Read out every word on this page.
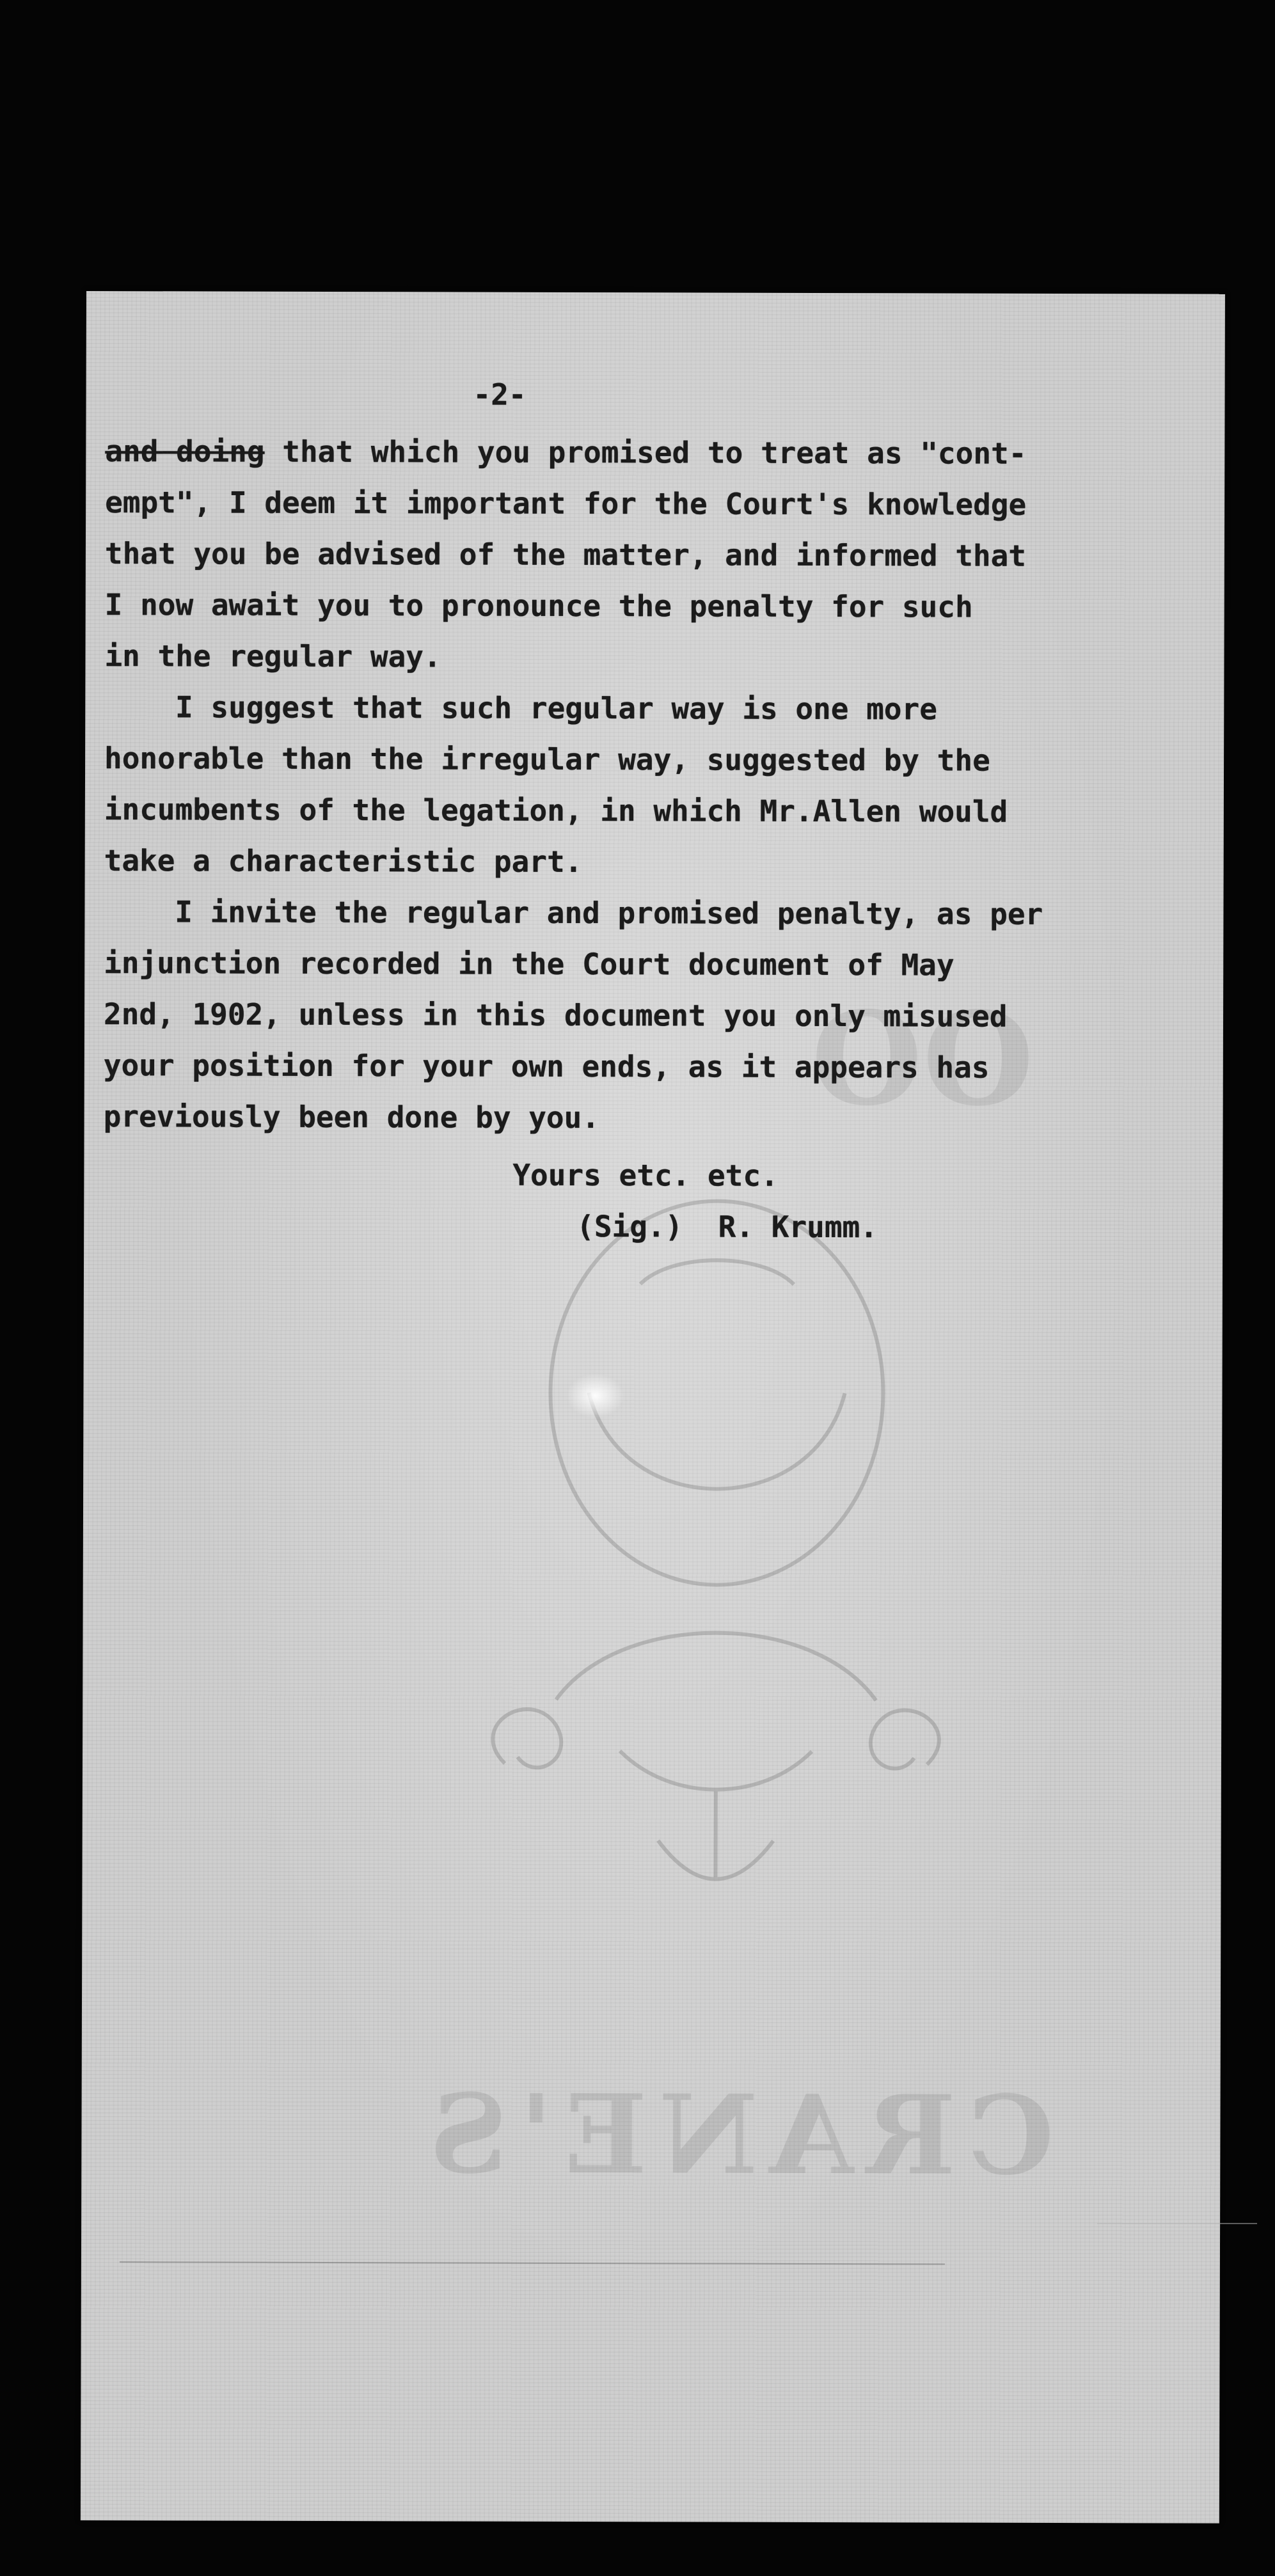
OO
CRANE'S
-2-
and doing that which you promised to treat as "cont-
empt", I deem it important for the Court's knowledge
that you be advised of the matter, and informed that
I now await you to pronounce the penalty for such
in the regular way.
I suggest that such regular way is one more
honorable than the irregular way, suggested by the
incumbents of the legation, in which Mr.Allen would
take a characteristic part.
I invite the regular and promised penalty, as per
injunction recorded in the Court document of May
2nd, 1902, unless in this document you only misused
your position for your own ends, as it appears has
previously been done by you.
Yours etc. etc.
(Sig.)  R. Krumm.
